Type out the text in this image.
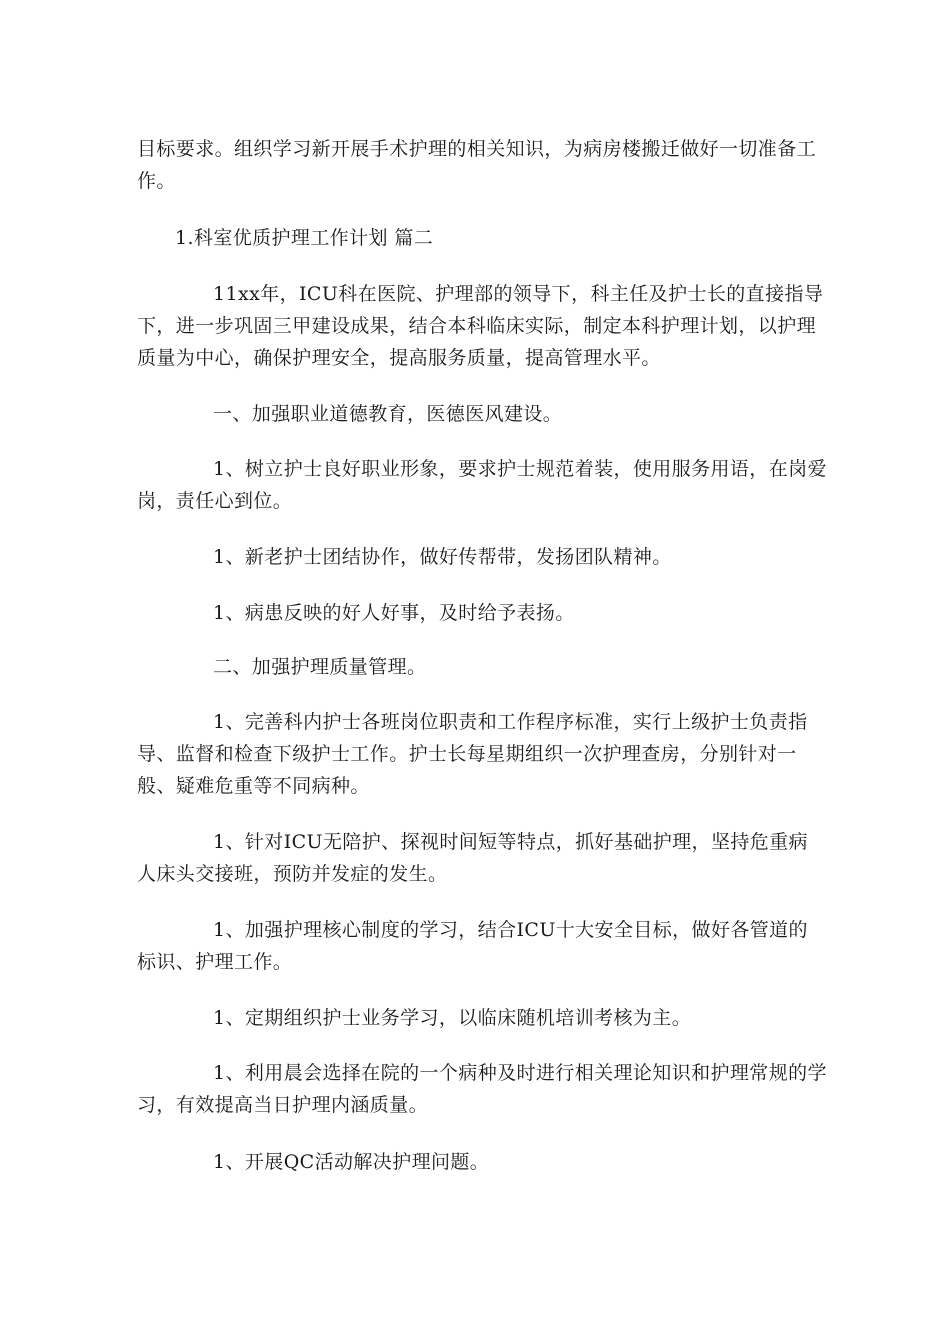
目标要求。组织学习新开展手术护理的相关知识，为病房楼搬迁做好一切准备工作。

1.科室优质护理工作计划 篇二

11xx年，ICU科在医院、护理部的领导下，科主任及护士长的直接指导下，进一步巩固三甲建设成果，结合本科临床实际，制定本科护理计划，以护理质量为中心，确保护理安全，提高服务质量，提高管理水平。

一、加强职业道德教育，医德医风建设。

1、树立护士良好职业形象，要求护士规范着装，使用服务用语，在岗爱岗，责任心到位。

1、新老护士团结协作，做好传帮带，发扬团队精神。

1、病患反映的好人好事，及时给予表扬。

二、加强护理质量管理。

1、完善科内护士各班岗位职责和工作程序标准，实行上级护士负责指导、监督和检查下级护士工作。护士长每星期组织一次护理查房，分别针对一般、疑难危重等不同病种。

1、针对ICU无陪护、探视时间短等特点，抓好基础护理，坚持危重病人床头交接班，预防并发症的发生。

1、加强护理核心制度的学习，结合ICU十大安全目标，做好各管道的标识、护理工作。

1、定期组织护士业务学习，以临床随机培训考核为主。

1、利用晨会选择在院的一个病种及时进行相关理论知识和护理常规的学习，有效提高当日护理内涵质量。

1、开展QC活动解决护理问题。
